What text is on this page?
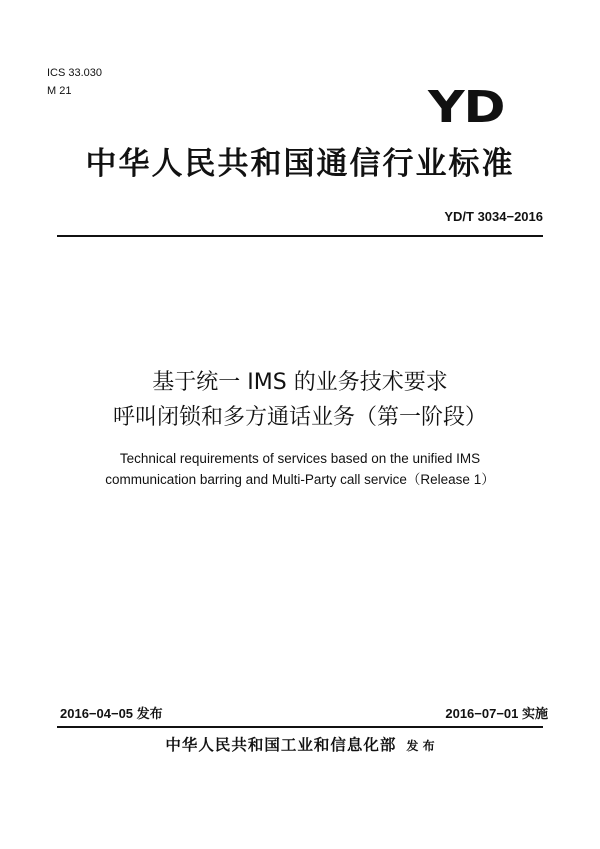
ICS 33.030
M 21	YD
中华人民共和国通信行业标准
YD/T 3034−2016
基于统一 IMS 的业务技术要求
呼叫闭锁和多方通话业务（第一阶段）
Technical requirements of services based on the unified IMS
communication barring and Multi-Party call service（Release 1）
2016−04−05 发布	2016−07−01 实施
中华人民共和国工业和信息化部 发 布
